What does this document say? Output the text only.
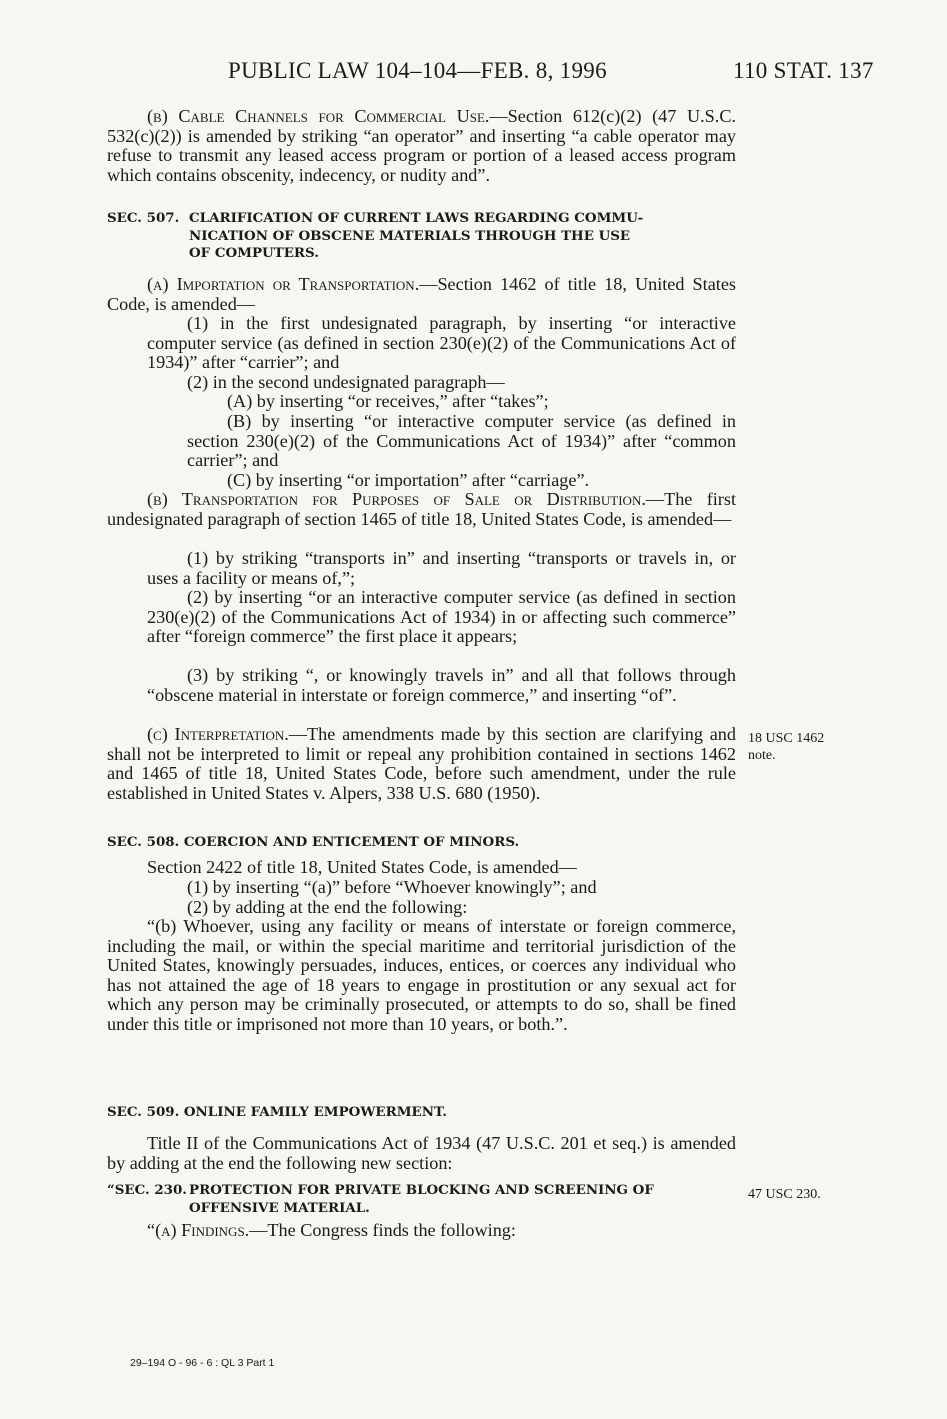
PUBLIC LAW 104–104—FEB. 8, 1996	110 STAT. 137
(b) Cable Channels for Commercial Use.—Section 612(c)(2) (47 U.S.C. 532(c)(2)) is amended by striking “an operator” and inserting “a cable operator may refuse to transmit any leased access program or portion of a leased access program which contains obscenity, indecency, or nudity and”.
SEC. 507. CLARIFICATION OF CURRENT LAWS REGARDING COMMU-
NICATION OF OBSCENE MATERIALS THROUGH THE USE
OF COMPUTERS.
(a) Importation or Transportation.—Section 1462 of title 18, United States Code, is amended—
(1) in the first undesignated paragraph, by inserting “or interactive computer service (as defined in section 230(e)(2) of the Communications Act of 1934)” after “carrier”; and
(2) in the second undesignated paragraph—
(A) by inserting “or receives,” after “takes”;
(B) by inserting “or interactive computer service (as defined in section 230(e)(2) of the Communications Act of 1934)” after “common carrier”; and
(C) by inserting “or importation” after “carriage”.
(b) Transportation for Purposes of Sale or Distribution.—The first undesignated paragraph of section 1465 of title 18, United States Code, is amended—
(1) by striking “transports in” and inserting “transports or travels in, or uses a facility or means of,”;
(2) by inserting “or an interactive computer service (as defined in section 230(e)(2) of the Communications Act of 1934) in or affecting such commerce” after “foreign commerce” the first place it appears;
(3) by striking “, or knowingly travels in” and all that follows through “obscene material in interstate or foreign commerce,” and inserting “of”.
(c) Interpretation.—The amendments made by this section are clarifying and shall not be interpreted to limit or repeal any prohibition contained in sections 1462 and 1465 of title 18, United States Code, before such amendment, under the rule established in United States v. Alpers, 338 U.S. 680 (1950).
18 USC 1462
note.
SEC. 508. COERCION AND ENTICEMENT OF MINORS.
Section 2422 of title 18, United States Code, is amended—
(1) by inserting “(a)” before “Whoever knowingly”; and
(2) by adding at the end the following:
“(b) Whoever, using any facility or means of interstate or foreign commerce, including the mail, or within the special maritime and territorial jurisdiction of the United States, knowingly persuades, induces, entices, or coerces any individual who has not attained the age of 18 years to engage in prostitution or any sexual act for which any person may be criminally prosecuted, or attempts to do so, shall be fined under this title or imprisoned not more than 10 years, or both.”.
SEC. 509. ONLINE FAMILY EMPOWERMENT.
Title II of the Communications Act of 1934 (47 U.S.C. 201 et seq.) is amended by adding at the end the following new section:
“SEC. 230. PROTECTION FOR PRIVATE BLOCKING AND SCREENING OF
OFFENSIVE MATERIAL.
47 USC 230.
“(a) Findings.—The Congress finds the following:
29–194 O - 96 - 6 : QL 3 Part 1
